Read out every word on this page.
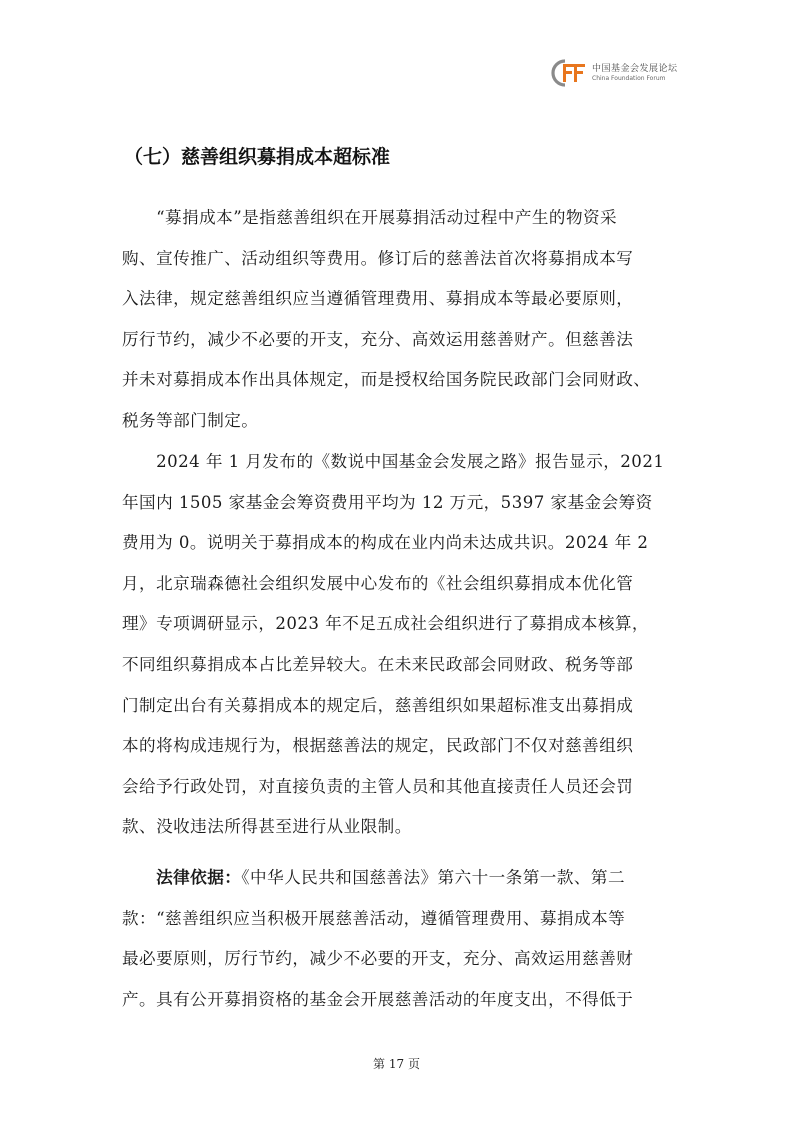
中国基金会发展论坛
China Foundation Forum
（七）慈善组织募捐成本超标准
　　“募捐成本”是指慈善组织在开展募捐活动过程中产生的物资采
购、宣传推广、活动组织等费用。修订后的慈善法首次将募捐成本写
入法律，规定慈善组织应当遵循管理费用、募捐成本等最必要原则，
厉行节约，减少不必要的开支，充分、高效运用慈善财产。但慈善法
并未对募捐成本作出具体规定，而是授权给国务院民政部门会同财政、
税务等部门制定。
　　2024 年 1 月发布的《数说中国基金会发展之路》报告显示，2021
年国内 1505 家基金会筹资费用平均为 12 万元，5397 家基金会筹资
费用为 0。说明关于募捐成本的构成在业内尚未达成共识。2024 年 2
月，北京瑞森德社会组织发展中心发布的《社会组织募捐成本优化管
理》专项调研显示，2023 年不足五成社会组织进行了募捐成本核算，
不同组织募捐成本占比差异较大。在未来民政部会同财政、税务等部
门制定出台有关募捐成本的规定后，慈善组织如果超标准支出募捐成
本的将构成违规行为，根据慈善法的规定，民政部门不仅对慈善组织
会给予行政处罚，对直接负责的主管人员和其他直接责任人员还会罚
款、没收违法所得甚至进行从业限制。
　　法律依据：《中华人民共和国慈善法》第六十一条第一款、第二
款：“慈善组织应当积极开展慈善活动，遵循管理费用、募捐成本等
最必要原则，厉行节约，减少不必要的开支，充分、高效运用慈善财
产。具有公开募捐资格的基金会开展慈善活动的年度支出，不得低于
第 17 页
